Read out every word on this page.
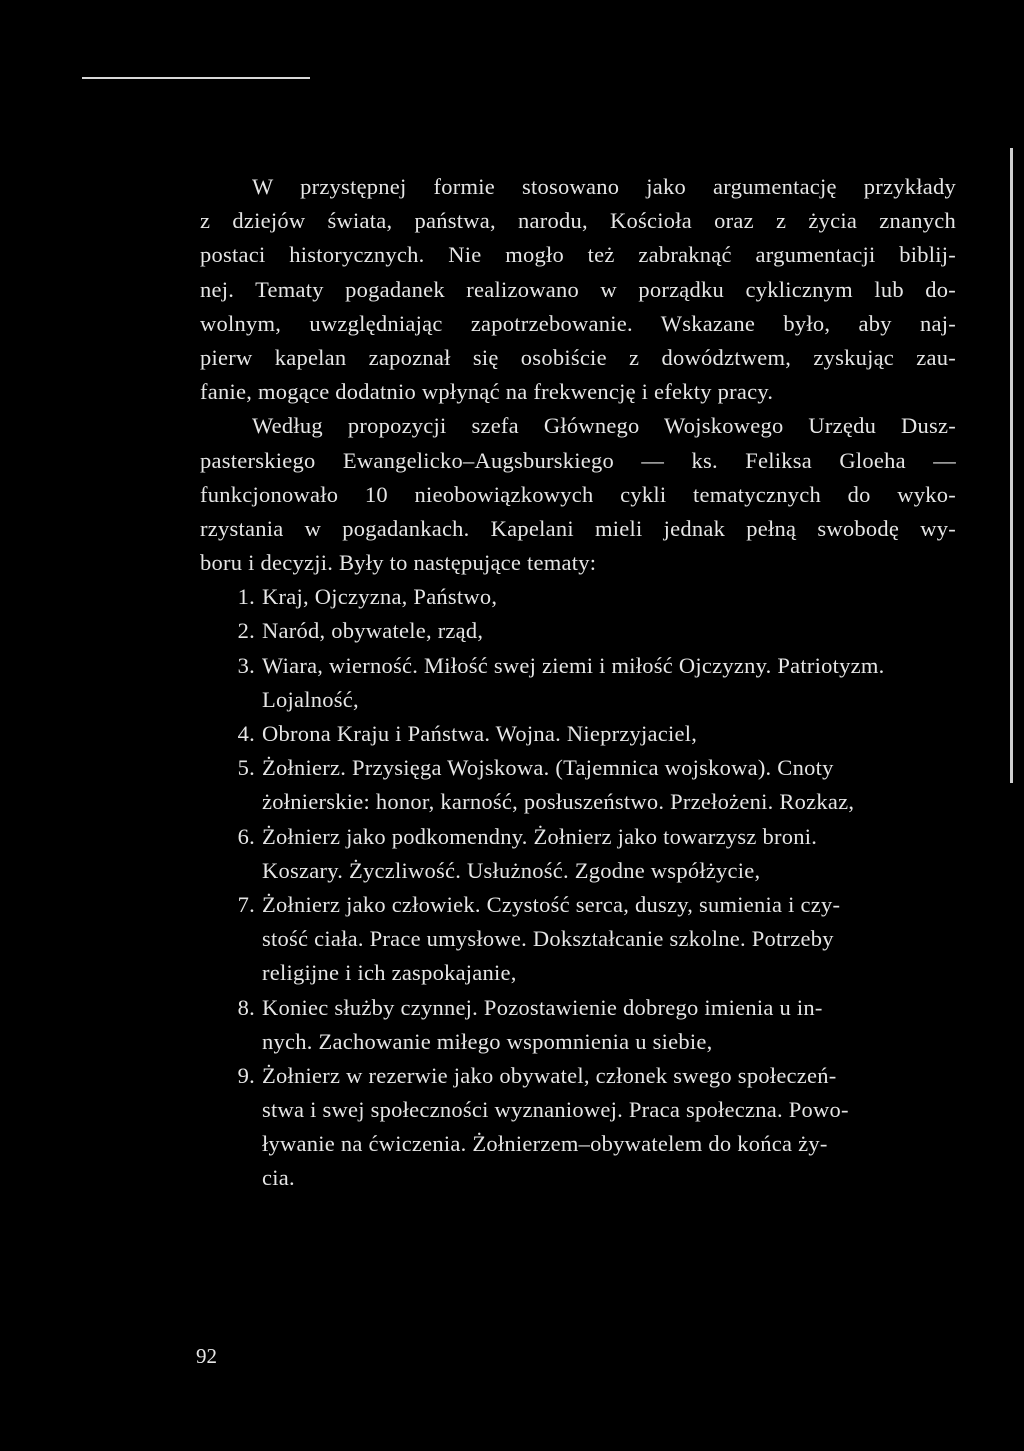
W przystępnej formie stosowano jako argumentację przykłady
z dziejów świata, państwa, narodu, Kościoła oraz z życia znanych
postaci historycznych. Nie mogło też zabraknąć argumentacji biblij-
nej. Tematy pogadanek realizowano w porządku cyklicznym lub do-
wolnym, uwzględniając zapotrzebowanie. Wskazane było, aby naj-
pierw kapelan zapoznał się osobiście z dowództwem, zyskując zau-
fanie, mogące dodatnio wpłynąć na frekwencję i efekty pracy.
Według propozycji szefa Głównego Wojskowego Urzędu Dusz-
pasterskiego Ewangelicko–Augsburskiego — ks. Feliksa Gloeha —
funkcjonowało 10 nieobowiązkowych cykli tematycznych do wyko-
rzystania w pogadankach. Kapelani mieli jednak pełną swobodę wy-
boru i decyzji. Były to następujące tematy:
1. Kraj, Ojczyzna, Państwo,
2. Naród, obywatele, rząd,
3. Wiara, wierność. Miłość swej ziemi i miłość Ojczyzny. Patriotyzm.
Lojalność,
4. Obrona Kraju i Państwa. Wojna. Nieprzyjaciel,
5. Żołnierz. Przysięga Wojskowa. (Tajemnica wojskowa). Cnoty
żołnierskie: honor, karność, posłuszeństwo. Przełożeni. Rozkaz,
6. Żołnierz jako podkomendny. Żołnierz jako towarzysz broni.
Koszary. Życzliwość. Usłużność. Zgodne współżycie,
7. Żołnierz jako człowiek. Czystość serca, duszy, sumienia i czy-
stość ciała. Prace umysłowe. Dokształcanie szkolne. Potrzeby
religijne i ich zaspokajanie,
8. Koniec służby czynnej. Pozostawienie dobrego imienia u in-
nych. Zachowanie miłego wspomnienia u siebie,
9. Żołnierz w rezerwie jako obywatel, członek swego społeczeń-
stwa i swej społeczności wyznaniowej. Praca społeczna. Powo-
ływanie na ćwiczenia. Żołnierzem–obywatelem do końca ży-
cia.
92
